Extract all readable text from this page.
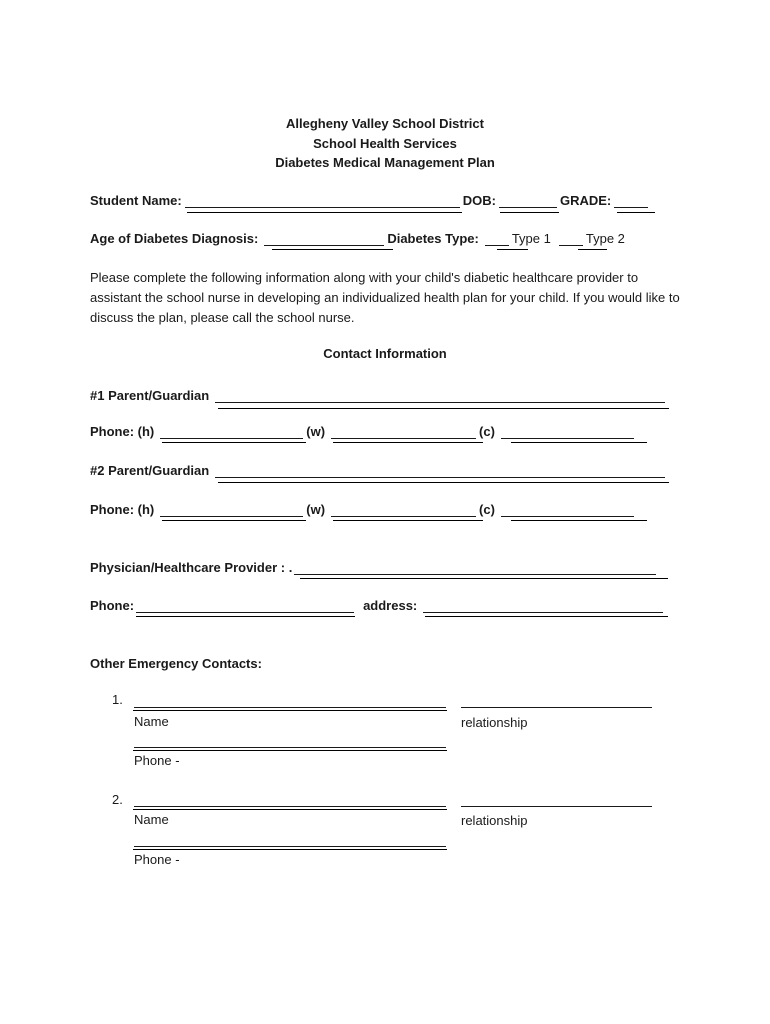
Allegheny Valley School District
School Health Services
Diabetes Medical Management Plan
Student Name:	DOB:	GRADE:
Age of Diabetes Diagnosis:	Diabetes Type:	Type 1	Type 2
Please complete the following information along with your child's diabetic healthcare provider to assistant the school nurse in developing an individualized health plan for your child. If you would like to discuss the plan, please call the school nurse.
Contact Information
#1 Parent/Guardian
Phone: (h)	(w)	(c)
#2 Parent/Guardian
Phone: (h)	(w)	(c)
Physician/Healthcare Provider : .
Phone:	address:
Other Emergency Contacts:
1.
Name	relationship
Phone -
2.
Name	relationship
Phone -
